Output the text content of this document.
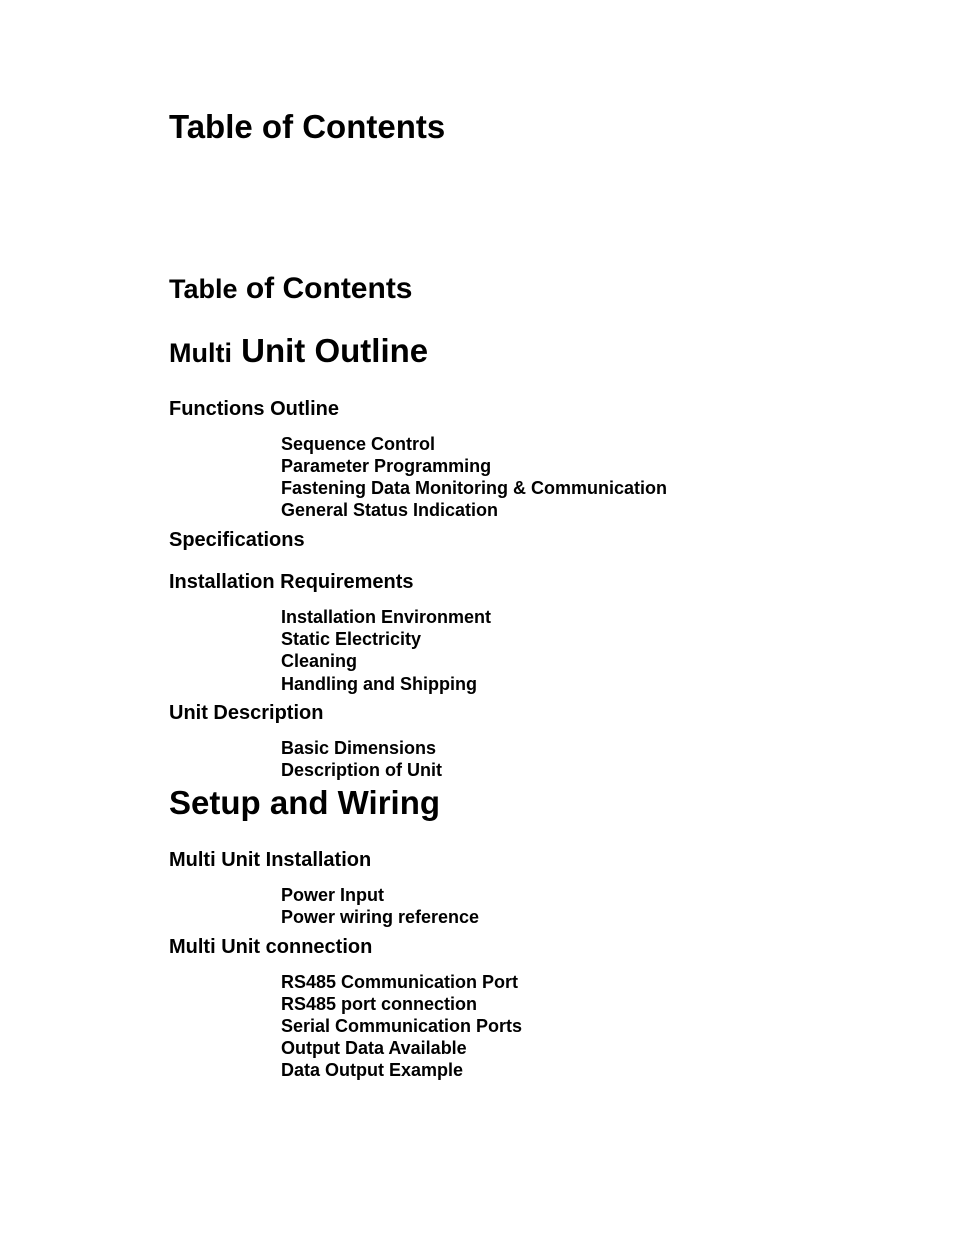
Table of Contents
Table of Contents
Multi Unit Outline
Functions Outline
Sequence Control
Parameter Programming
Fastening Data Monitoring & Communication
General Status Indication
Specifications
Installation Requirements
Installation Environment
Static Electricity
Cleaning
Handling and Shipping
Unit Description
Basic Dimensions
Description of Unit
Setup and Wiring
Multi Unit Installation
Power Input
Power wiring reference
Multi Unit connection
RS485 Communication Port
RS485 port connection
Serial Communication Ports
Output Data Available
Data Output Example
